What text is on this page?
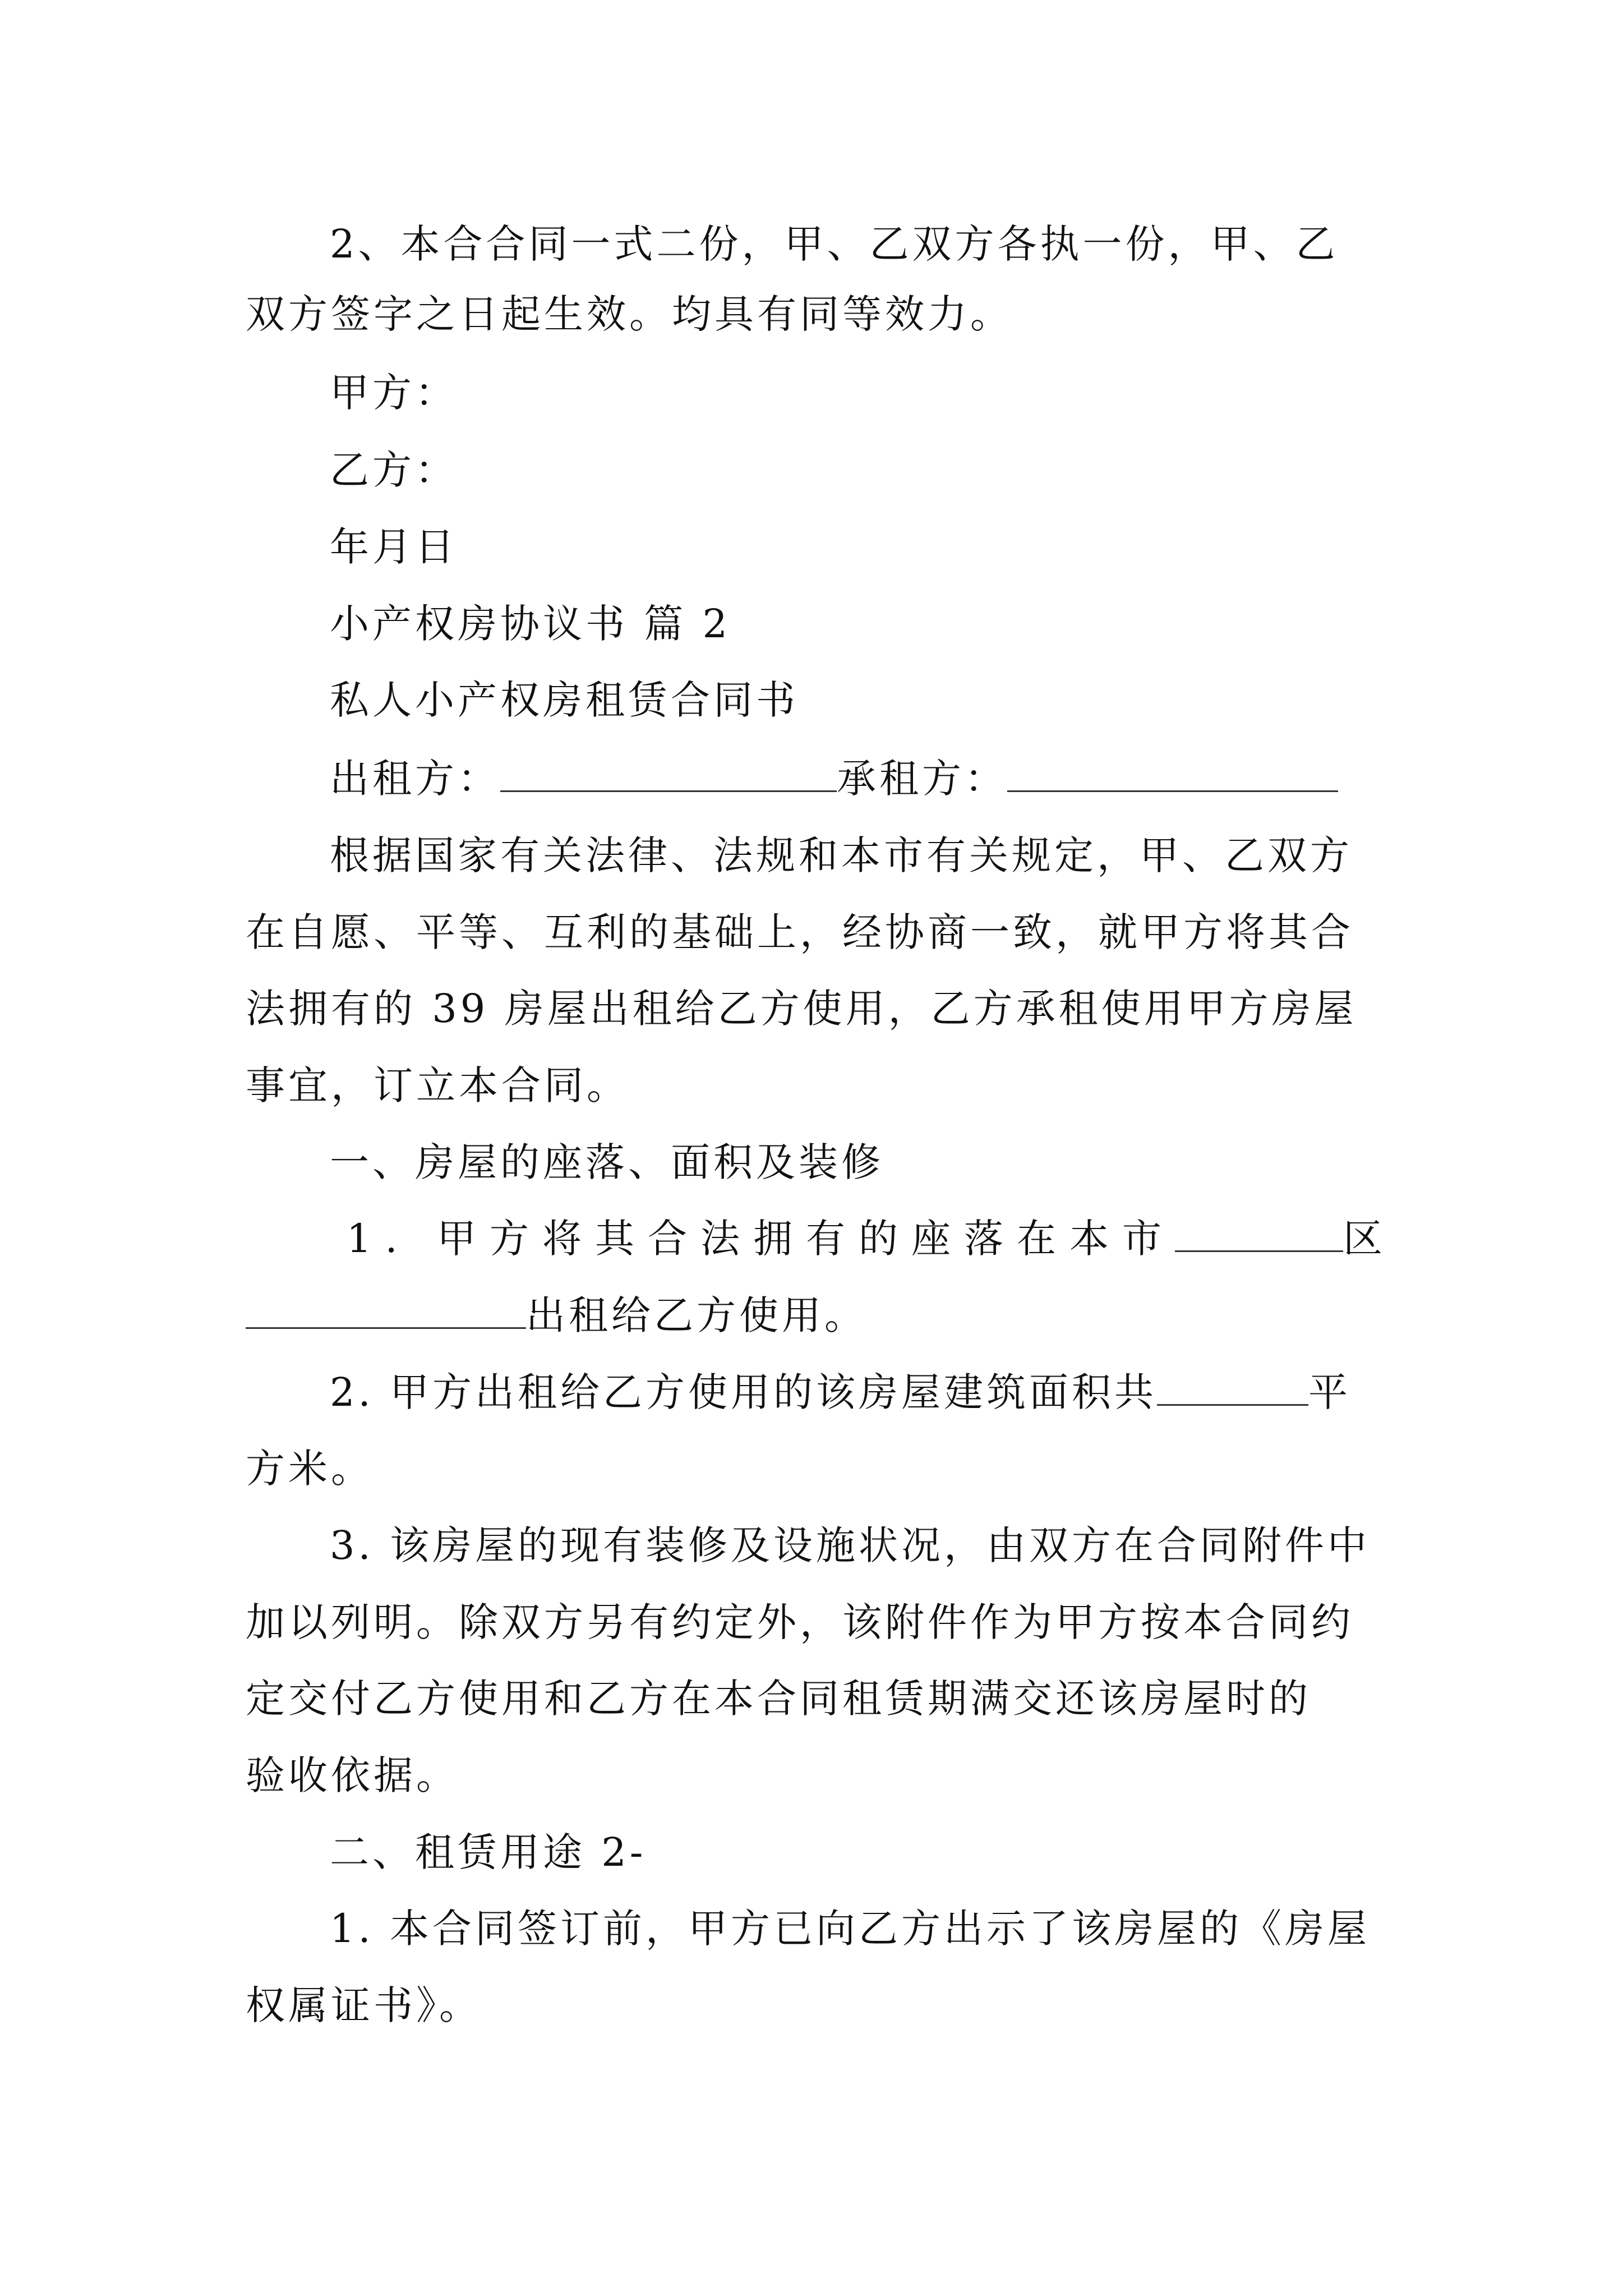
2、本合合同一式二份，甲、乙双方各执一份，甲、乙
双方签字之日起生效。均具有同等效力。
甲方：
乙方：
年月日
小产权房协议书 篇 2
私人小产权房租赁合同书
出租方：	承租方：
根据国家有关法律、法规和本市有关规定，甲、乙双方
在自愿、平等、互利的基础上，经协商一致，就甲方将其合
法拥有的 39 房屋出租给乙方使用，乙方承租使用甲方房屋
事宜，订立本合同。
一、房屋的座落、面积及装修
1. 甲方将其合法拥有的座落在本市	区
出租给乙方使用。
2. 甲方出租给乙方使用的该房屋建筑面积共	平
方米。
3. 该房屋的现有装修及设施状况，由双方在合同附件中
加以列明。除双方另有约定外，该附件作为甲方按本合同约
定交付乙方使用和乙方在本合同租赁期满交还该房屋时的
验收依据。
二、租赁用途 2-
1. 本合同签订前，甲方已向乙方出示了该房屋的《房屋
权属证书》。
